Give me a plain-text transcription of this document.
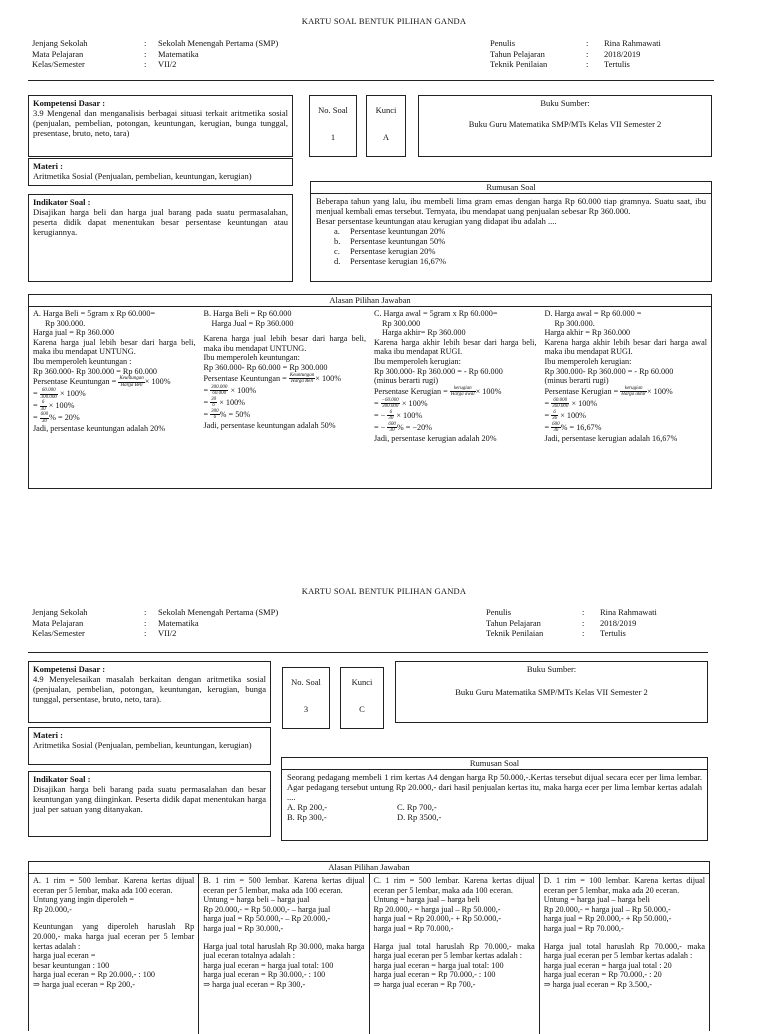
KARTU SOAL BENTUK PILIHAN GANDA
Jenjang Sekolah	:	Sekolah Menengah Pertama (SMP)
Mata Pelajaran	:	Matematika
Kelas/Semester	:	VII/2
Penulis	:	Rina Rahmawati
Tahun Pelajaran	:	2018/2019
Teknik Penilaian	:	Tertulis
Kompetensi Dasar :
3.9 Mengenal dan menganalisis berbagai situasi terkait aritmetika sosial (penjualan, pembelian, potongan, keuntungan, kerugian, bunga tunggal, presentase, bruto, neto, tara)
No. Soal
1
Kunci
A
Buku Sumber:
Buku Guru Matematika SMP/MTs Kelas VII Semester 2
Materi :
Aritmetika Sosial (Penjualan, pembelian, keuntungan, kerugian)
Indikator Soal :
Disajikan harga beli dan harga jual barang pada suatu permasalahan, peserta didik dapat menentukan besar persentase keuntungan atau kerugiannya.
Rumusan Soal
Beberapa tahun yang lalu, ibu membeli lima gram emas dengan harga Rp 60.000 tiap gramnya. Suatu saat, ibu menjual kembali emas tersebut. Ternyata, ibu mendapat uang penjualan sebesar Rp 360.000.
Besar persentase keuntungan atau kerugian yang didapat ibu adalah ....
a. Persentase keuntungan 20%
b. Persentase keuntungan 50%
c. Persentase kerugian 20%
d. Persentase kerugian 16,67%
Alasan Pilihan Jawaban
A. Harga Beli = 5gram x Rp 60.000=
Rp 300.000.
Harga jual = Rp 360.000
Karena harga jual lebih besar dari harga beli, maka ibu mendapat UNTUNG.
Ibu memperoleh keuntungan :
Rp 360.000- Rp 300.000 = Rp 60.000
Persentase Keuntungan = $\frac{\text{Keuntungan}}{\text{Harga Beli}} \times 100\%$
= $\frac{60.000}{300.000} \times 100\%$
= $\frac{6}{30} \times 100\%$
= $\frac{600}{30}$ % = 20%
Jadi, persentase keuntungan adalah 20%
B. Harga Beli = Rp 60.000
Harga Jual = Rp 360.000
Karena harga jual lebih besar dari harga beli, maka ibu mendapat UNTUNG.
Ibu memperoleh keuntungan:
Rp 360.000- Rp 60.000 = Rp 300.000
Persentase Keuntungan = $\frac{\text{Keuntungan}}{\text{Harga Beli}} \times 100\%$
= $\frac{300.000}{60.000} \times 100\%$
= $\frac{30}{6} \times 100\%$
= $\frac{300}{6}$ % = 50%
Jadi, persentase keuntungan adalah 50%
C. Harga awal = 5gram x Rp 60.000=
Rp 300.000
Harga akhir= Rp 360.000
Karena harga akhir lebih besar dari harga beli, maka ibu mendapat RUGI.
Ibu memperoleh kerugian:
Rp 300.000- Rp 360.000 = - Rp 60.000
(minus berarti rugi)
Persentase Kerugian = $\frac{\text{kerugian}}{\text{Harga awal}} \times 100\%$
= $\frac{-60.000}{300.000} \times 100\%$
= − $\frac{6}{30} \times 100\%$
= − $\frac{600}{30}$ % = −20%
Jadi, persentase kerugian adalah 20%
D. Harga awal = Rp 60.000 =
Rp 300.000.
Harga akhir = Rp 360.000
Karena harga akhir lebih besar dari harga awal maka ibu mendapat RUGI.
Ibu memperoleh kerugian:
Rp 300.000- Rp 360.000 = - Rp 60.000
(minus berarti rugi)
Persentase Kerugian = $\frac{\text{kerugian}}{\text{Harga akhir}} \times 100\%$
= $\frac{60.000}{360.000} \times 100\%$
= $\frac{6}{36} \times 100\%$
= $\frac{600}{36}$ % = 16,67%
Jadi, persentase kerugian adalah 16,67%
KARTU SOAL BENTUK PILIHAN GANDA
Jenjang Sekolah	:	Sekolah Menengah Pertama (SMP)
Mata Pelajaran	:	Matematika
Kelas/Semester	:	VII/2
Penulis	:	Rina Rahmawati
Tahun Pelajaran	:	2018/2019
Teknik Penilaian	:	Tertulis
Kompetensi Dasar :
4.9 Menyelesaikan masalah berkaitan dengan aritmetika sosial (penjualan, pembelian, potongan, keuntungan, kerugian, bunga tunggal, persentase, bruto, neto, tara).
No. Soal
3
Kunci
C
Buku Sumber:
Buku Guru Matematika SMP/MTs Kelas VII Semester 2
Materi :
Aritmetika Sosial (Penjualan, pembelian, keuntungan, kerugian)
Indikator Soal :
Disajikan harga beli barang pada suatu permasalahan dan besar keuntungan yang diinginkan. Peserta didik dapat menentukan harga jual per satuan yang ditanyakan.
Rumusan Soal
Seorang pedagang membeli 1 rim kertas A4 dengan harga Rp 50.000,-.Kertas tersebut dijual secara ecer per lima lembar. Agar pedagang tersebut untung Rp 20.000,- dari hasil penjualan kertas itu, maka harga ecer per lima lembar kertas adalah ....
A. Rp 200,-	C. Rp 700,-
B. Rp 300,-	D. Rp 3500,-
Alasan Pilihan Jawaban
A. 1 rim = 500 lembar. Karena kertas dijual eceran per 5 lembar, maka ada 100 eceran.
Untung yang ingin diperoleh =
Rp 20.000,-
Keuntungan yang diperoleh haruslah Rp 20.000,- maka harga jual eceran per 5 lembar kertas adalah :
harga jual eceran =
besar keuntungan : 100
harga jual eceran = Rp 20.000,- : 100
⇒ harga jual eceran = Rp 200,-
B. 1 rim = 500 lembar. Karena kertas dijual eceran per 5 lembar, maka ada 100 eceran.
Untung = harga beli – harga jual
Rp 20.000,- = Rp 50.000,- – harga jual
harga jual = Rp 50.000,- – Rp 20.000,-
harga jual = Rp 30.000,-
Harga jual total haruslah Rp 30.000, maka harga jual eceran totalnya adalah :
harga jual eceran = harga jual total: 100
harga jual eceran = Rp 30.000,- : 100
⇒ harga jual eceran = Rp 300,-
C. 1 rim = 500 lembar. Karena kertas dijual eceran per 5 lembar, maka ada 100 eceran.
Untung = harga jual – harga beli
Rp 20.000,- = harga jual – Rp 50.000,-
harga jual = Rp 20.000,- + Rp 50.000,-
harga jual = Rp 70.000,-
Harga jual total haruslah Rp 70.000,- maka harga jual eceran per 5 lembar kertas adalah :
harga jual eceran = harga jual total: 100
harga jual eceran = Rp 70.000,- : 100
⇒ harga jual eceran = Rp 700,-
D. 1 rim = 100 lembar. Karena kertas dijual eceran per 5 lembar, maka ada 20 eceran.
Untung = harga jual – harga beli
Rp 20.000,- = harga jual – Rp 50.000,-
harga jual = Rp 20.000,- + Rp 50.000,-
harga jual = Rp 70.000,-
Harga jual total haruslah Rp 70.000,- maka harga jual eceran per 5 lembar kertas adalah :
harga jual eceran = harga jual total : 20
harga jual eceran = Rp 70.000,- : 20
⇒ harga jual eceran = Rp 3.500,-
